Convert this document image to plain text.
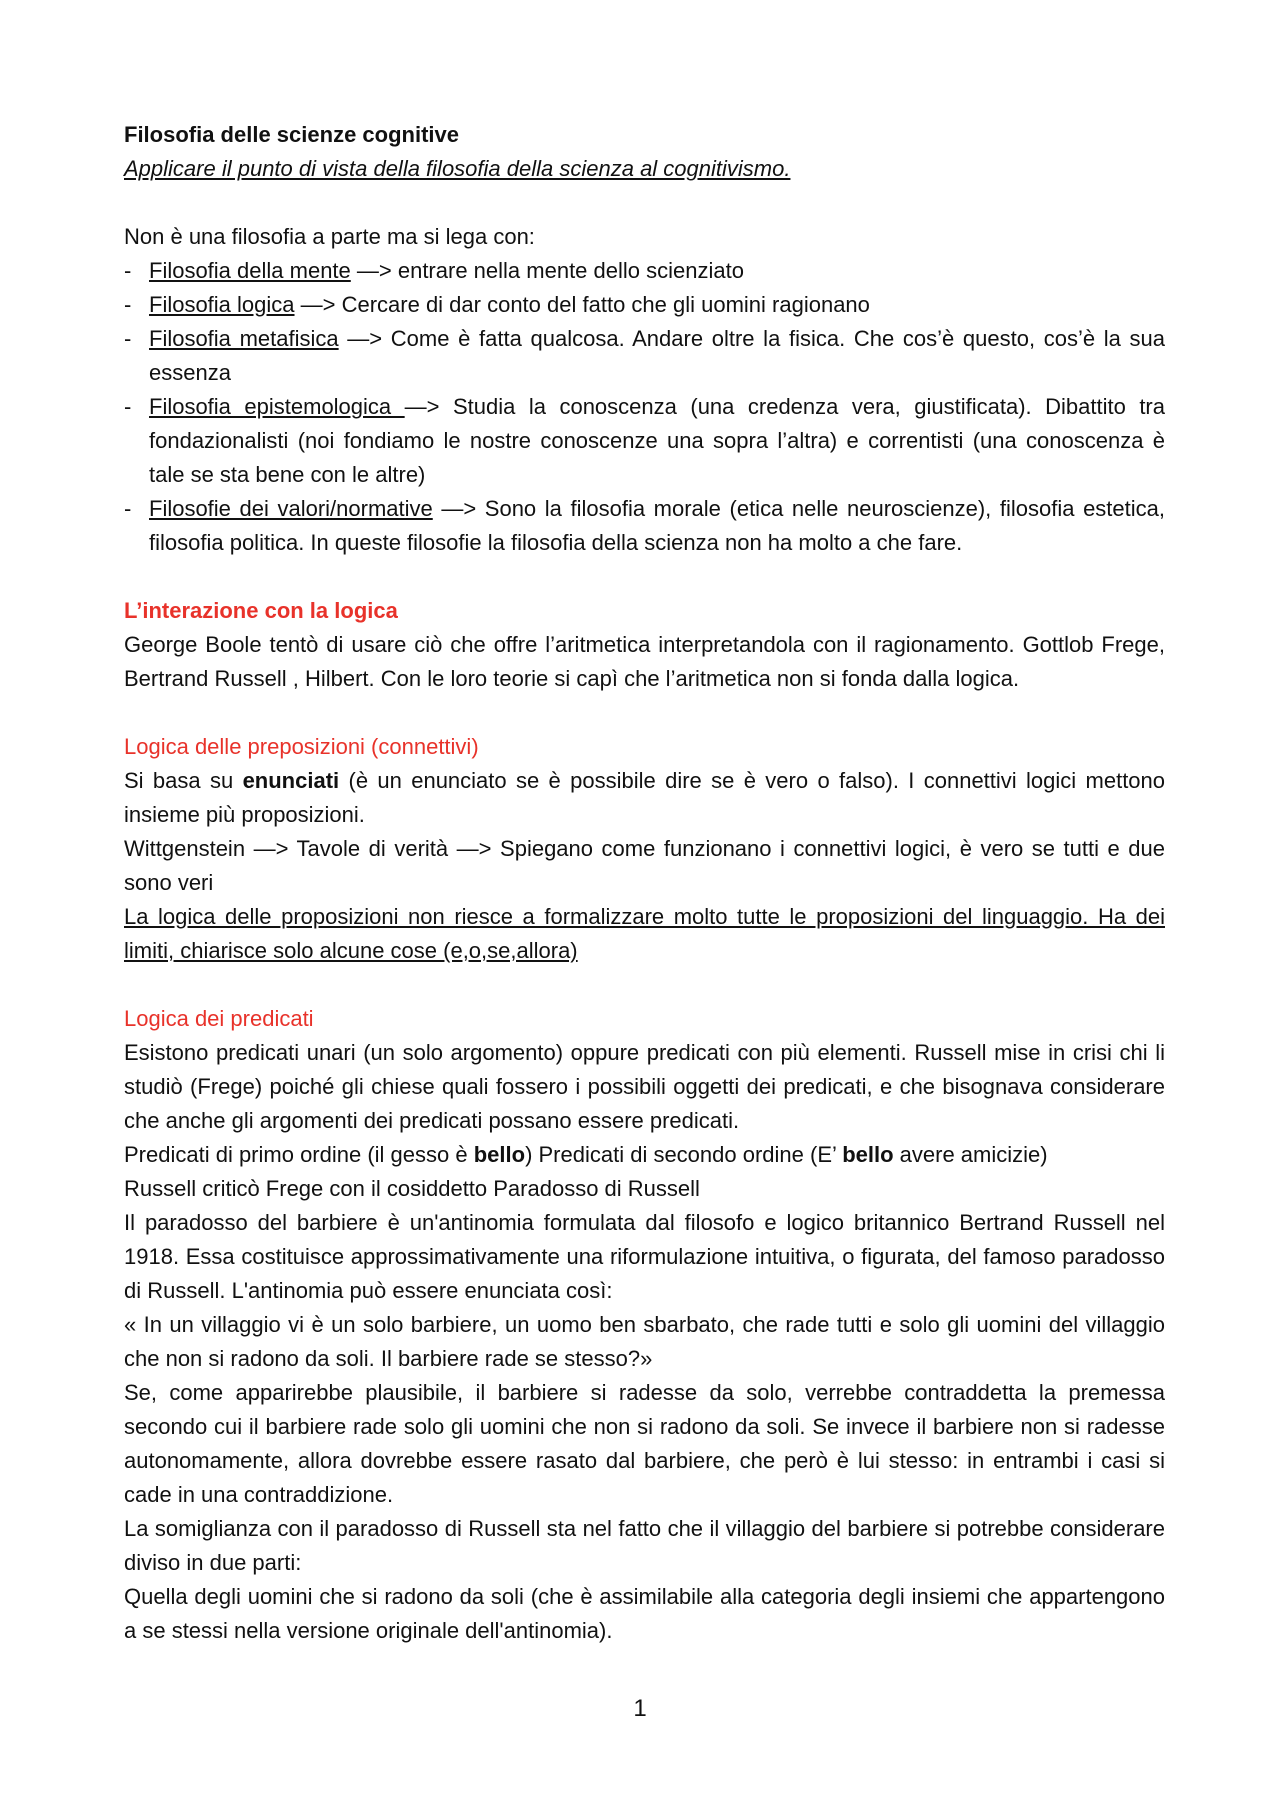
Filosofia delle scienze cognitive

Applicare il punto di vista della filosofia della scienza al cognitivismo.

Non è una filosofia a parte ma si lega con:

- Filosofia della mente —> entrare nella mente dello scienziato
- Filosofia logica —> Cercare di dar conto del fatto che gli uomini ragionano
- Filosofia metafisica —> Come è fatta qualcosa. Andare oltre la fisica. Che cos’è questo, cos’è la sua essenza
- Filosofia epistemologica —> Studia la conoscenza (una credenza vera, giustificata). Dibattito tra fondazionalisti (noi fondiamo le nostre conoscenze una sopra l’altra) e correntisti (una conoscenza è tale se sta bene con le altre)
- Filosofie dei valori/normative —> Sono la filosofia morale (etica nelle neuroscienze), filosofia estetica, filosofia politica. In queste filosofie la filosofia della scienza non ha molto a che fare.

L’interazione con la logica

George Boole tentò di usare ciò che offre l’aritmetica interpretandola con il ragionamento. Gottlob Frege, Bertrand Russell , Hilbert. Con le loro teorie si capì che l’aritmetica non si fonda dalla logica.

Logica delle preposizioni (connettivi)

Si basa su enunciati (è un enunciato se è possibile dire se è vero o falso). I connettivi logici mettono insieme più proposizioni.

Wittgenstein —> Tavole di verità —> Spiegano come funzionano i connettivi logici, è vero se tutti e due sono veri

La logica delle proposizioni non riesce a formalizzare molto tutte le proposizioni del linguaggio. Ha dei limiti, chiarisce solo alcune cose (e,o,se,allora)

Logica dei predicati

Esistono predicati unari (un solo argomento) oppure predicati con più elementi. Russell mise in crisi chi li studiò (Frege) poiché gli chiese quali fossero i possibili oggetti dei predicati, e che bisognava considerare che anche gli argomenti dei predicati possano essere predicati.

Predicati di primo ordine (il gesso è bello) Predicati di secondo ordine (E’ bello avere amicizie)

Russell criticò Frege con il cosiddetto Paradosso di Russell

Il paradosso del barbiere è un'antinomia formulata dal filosofo e logico britannico Bertrand Russell nel 1918. Essa costituisce approssimativamente una riformulazione intuitiva, o figurata, del famoso paradosso di Russell. L'antinomia può essere enunciata così:

« In un villaggio vi è un solo barbiere, un uomo ben sbarbato, che rade tutti e solo gli uomini del villaggio che non si radono da soli. Il barbiere rade se stesso?»

Se, come apparirebbe plausibile, il barbiere si radesse da solo, verrebbe contraddetta la premessa secondo cui il barbiere rade solo gli uomini che non si radono da soli. Se invece il barbiere non si radesse autonomamente, allora dovrebbe essere rasato dal barbiere, che però è lui stesso: in entrambi i casi si cade in una contraddizione.

La somiglianza con il paradosso di Russell sta nel fatto che il villaggio del barbiere si potrebbe considerare diviso in due parti:

Quella degli uomini che si radono da soli (che è assimilabile alla categoria degli insiemi che appartengono a se stessi nella versione originale dell'antinomia).

1
